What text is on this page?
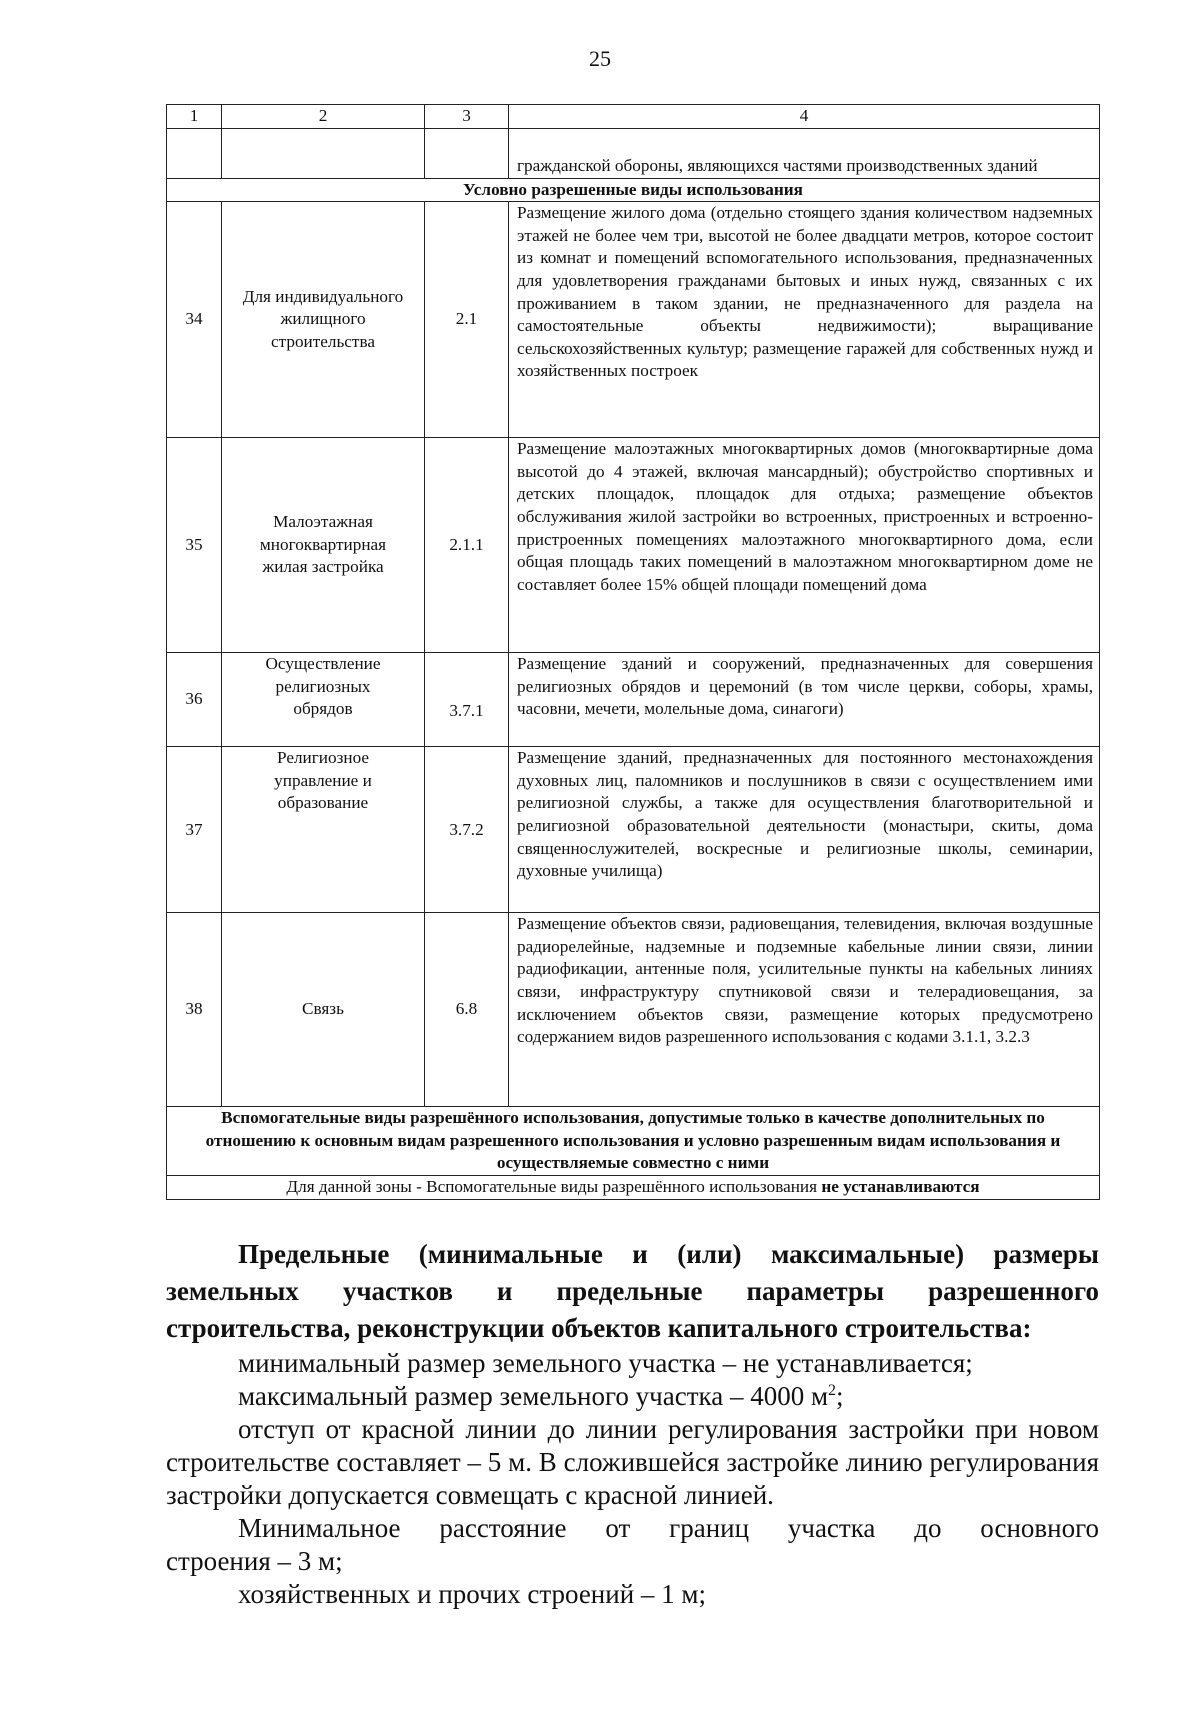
25
1	2	3	4
			гражданской обороны, являющихся частями производственных зданий
Условно разрешенные виды использования			
34	Для индивидуального жилищного строительства	2.1	Размещение жилого дома (отдельно стоящего здания количеством надземных этажей не более чем три, высотой не более двадцати метров, которое состоит из комнат и помещений вспомогательного использования, предназначенных для удовлетворения гражданами бытовых и иных нужд, связанных с их проживанием в таком здании, не предназначенного для раздела на самостоятельные объекты недвижимости); выращивание сельскохозяйственных культур; размещение гаражей для собственных нужд и хозяйственных построек
35	Малоэтажная многоквартирная жилая застройка	2.1.1	Размещение малоэтажных многоквартирных домов (многоквартирные дома высотой до 4 этажей, включая мансардный); обустройство спортивных и детских площадок, площадок для отдыха; размещение объектов обслуживания жилой застройки во встроенных, пристроенных и встроенно-пристроенных помещениях малоэтажного многоквартирного дома, если общая площадь таких помещений в малоэтажном многоквартирном доме не составляет более 15% общей площади помещений дома
36	Осуществление религиозных обрядов	3.7.1	Размещение зданий и сооружений, предназначенных для совершения религиозных обрядов и церемоний (в том числе церкви, соборы, храмы, часовни, мечети, молельные дома, синагоги)
37	Религиозное управление и образование	3.7.2	Размещение зданий, предназначенных для постоянного местонахождения духовных лиц, паломников и послушников в связи с осуществлением ими религиозной службы, а также для осуществления благотворительной и религиозной образовательной деятельности (монастыри, скиты, дома священнослужителей, воскресные и религиозные школы, семинарии, духовные училища)
38	Связь	6.8	Размещение объектов связи, радиовещания, телевидения, включая воздушные радиорелейные, надземные и подземные кабельные линии связи, линии радиофикации, антенные поля, усилительные пункты на кабельных линиях связи, инфраструктуру спутниковой связи и телерадиовещания, за исключением объектов связи, размещение которых предусмотрено содержанием видов разрешенного использования с кодами 3.1.1, 3.2.3
Вспомогательные виды разрешённого использования, допустимые только в качестве дополнительных по отношению к основным видам разрешенного использования и условно разрешенным видам использования и осуществляемые совместно с ними			
Для данной зоны - Вспомогательные виды разрешённого использования не устанавливаются			

Предельные (минимальные и (или) максимальные) размеры земельных участков и предельные параметры разрешенного строительства, реконструкции объектов капитального строительства:

минимальный размер земельного участка – не устанавливается;

максимальный размер земельного участка – 4000 $м^2$;

отступ от красной линии до линии регулирования застройки при новом строительстве составляет – 5 м. В сложившейся застройке линию регулирования застройки допускается совмещать с красной линией.

Минимальное расстояние от границ участка до основного

строения – 3 м;

хозяйственных и прочих строений – 1 м;
